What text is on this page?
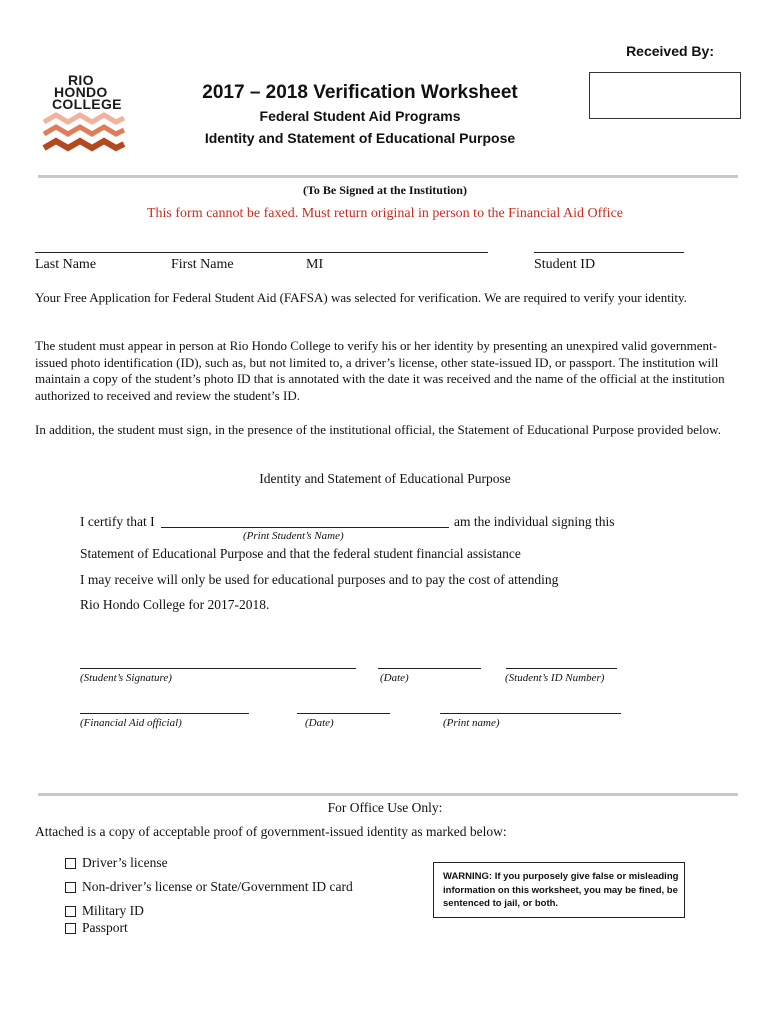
Received By:
RIO
HONDO
COLLEGE
2017 – 2018 Verification Worksheet
Federal Student Aid Programs
Identity and Statement of Educational Purpose
(To Be Signed at the Institution)
This form cannot be faxed. Must return original in person to the Financial Aid Office
Last Name	First Name	MI	Student ID
Your Free Application for Federal Student Aid (FAFSA) was selected for verification. We are required to verify your identity.
The student must appear in person at Rio Hondo College to verify his or her identity by presenting an unexpired valid government-issued photo identification (ID), such as, but not limited to, a driver’s license, other state-issued ID, or passport. The institution will maintain a copy of the student’s photo ID that is annotated with the date it was received and the name of the official at the institution authorized to received and review the student’s ID.
In addition, the student must sign, in the presence of the institutional official, the Statement of Educational Purpose provided below.
Identity and Statement of Educational Purpose
I certify that I	am the individual signing this
(Print Student’s Name)
Statement of Educational Purpose and that the federal student financial assistance
I may receive will only be used for educational purposes and to pay the cost of attending
Rio Hondo College for 2017-2018.
(Student’s Signature)	(Date)	(Student’s ID Number)
(Financial Aid official)	(Date)	(Print name)
For Office Use Only:
Attached is a copy of acceptable proof of government-issued identity as marked below:
Driver’s license
Non-driver’s license or State/Government ID card
Military ID
Passport
WARNING: If you purposely give false or misleading information on this worksheet, you may be fined, be sentenced to jail, or both.
